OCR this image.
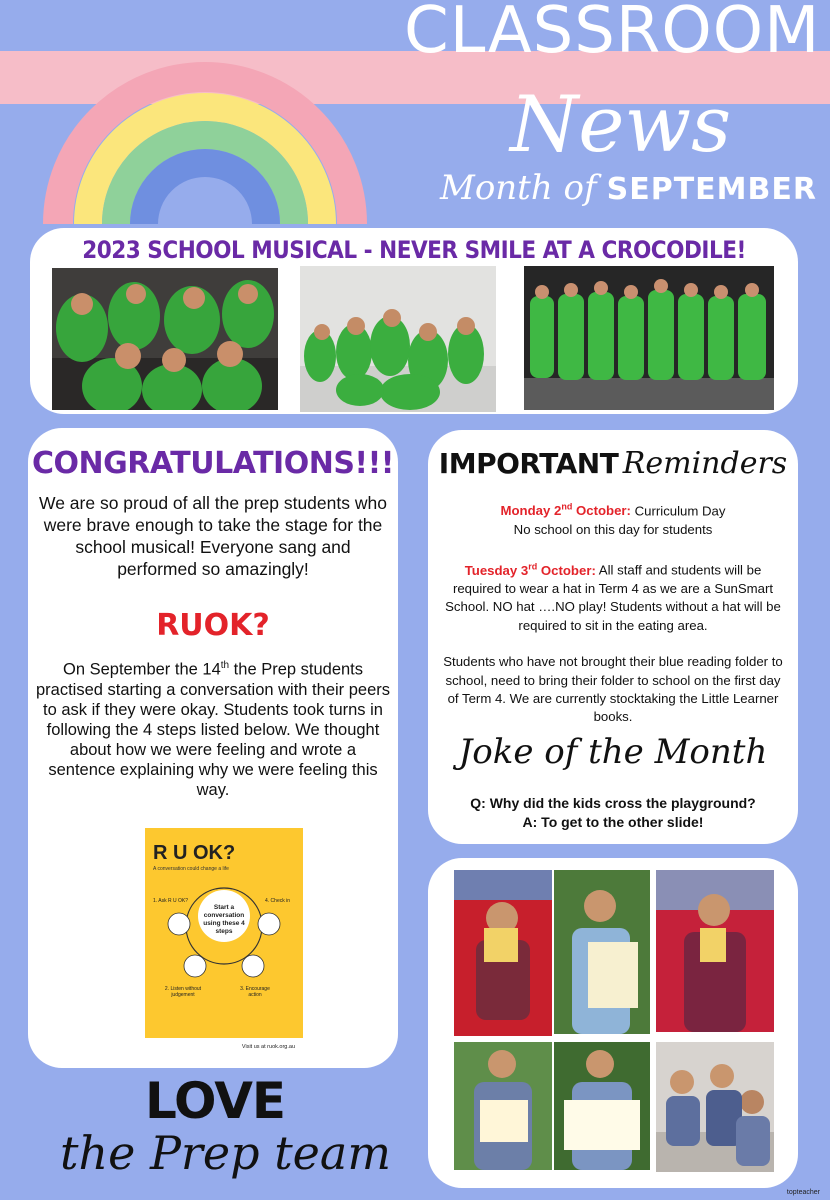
CLASSROOM
News
Month of SEPTEMBER
2023 SCHOOL MUSICAL - NEVER SMILE AT A CROCODILE!
CONGRATULATIONS!!!
We are so proud of all the prep students who were brave enough to take the stage for the school musical! Everyone sang and performed so amazingly!
RUOK?
On September the 14th the Prep students practised starting a conversation with their peers to ask if they were okay. Students took turns in following the 4 steps listed below. We thought about how we were feeling and wrote a sentence explaining why we were feeling this way.
R U OK?
A conversation could change a life
1. Ask R U OK?	4. Check in
Start a conversation using these 4 steps
2. Listen without judgement
3. Encourage action
Visit us at ruok.org.au
LOVE
the Prep team
IMPORTANT Reminders

Monday 2nd October: Curriculum Day
No school on this day for students

Tuesday 3rd October: All staff and students will be required to wear a hat in Term 4 as we are a SunSmart School. NO hat ….NO play! Students without a hat will be required to sit in the eating area.

Students who have not brought their blue reading folder to school, need to bring their folder to school on the first day of Term 4. We are currently stocktaking the Little Learner books.

Joke of the Month
Q: Why did the kids cross the playground?
A: To get to the other slide!
topteacher
